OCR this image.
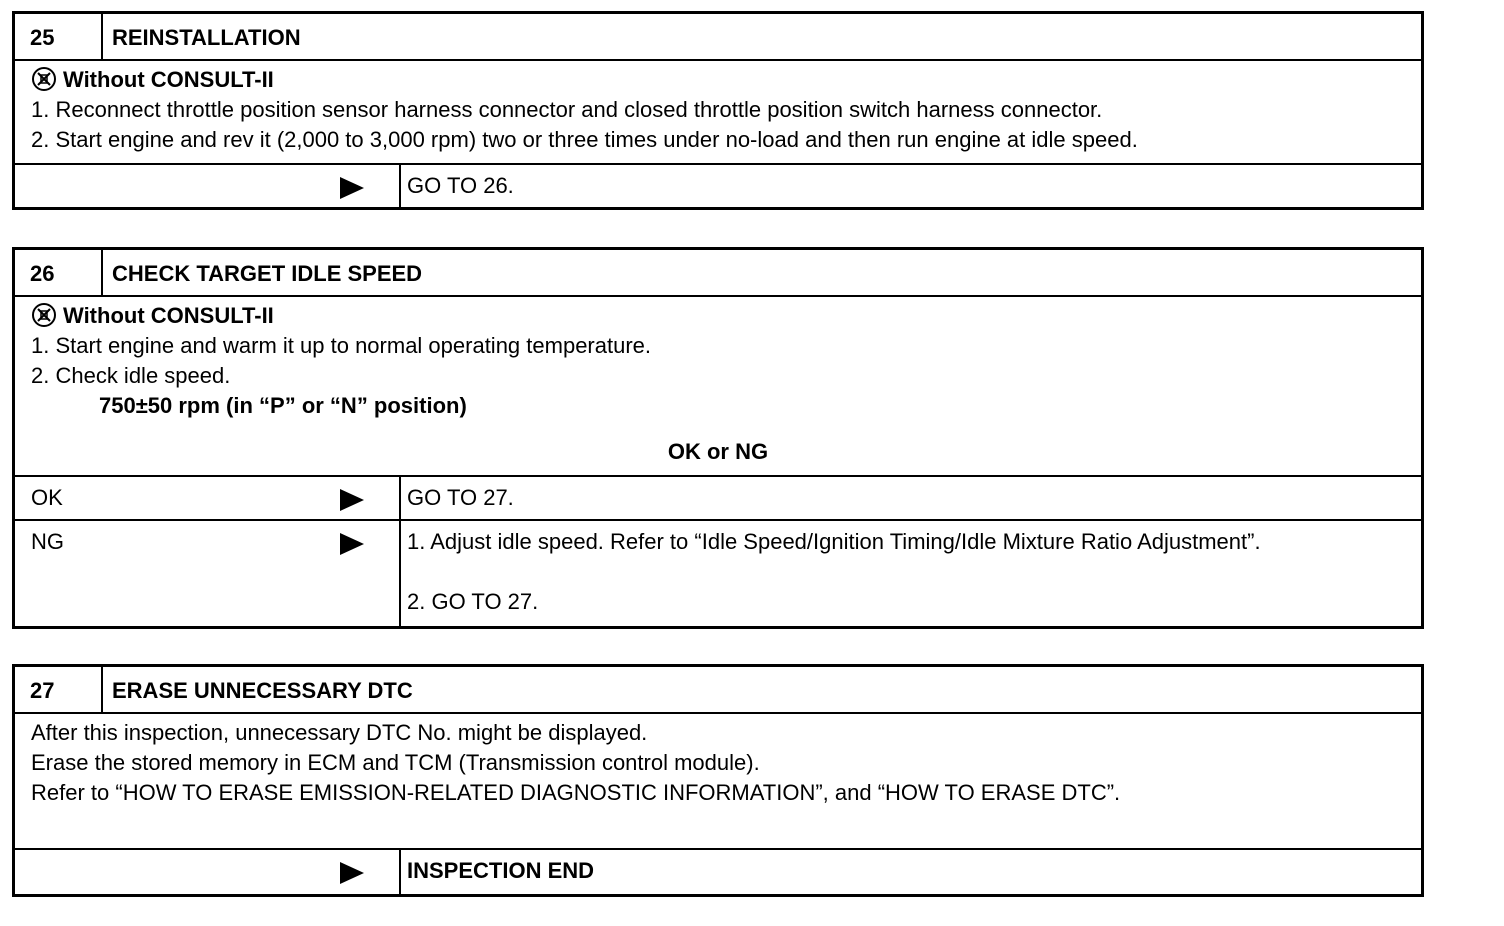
25	REINSTALLATION
Without CONSULT-II
1. Reconnect throttle position sensor harness connector and closed throttle position switch harness connector.
2. Start engine and rev it (2,000 to 3,000 rpm) two or three times under no-load and then run engine at idle speed.
GO TO 26.
26	CHECK TARGET IDLE SPEED
Without CONSULT-II
1. Start engine and warm it up to normal operating temperature.
2. Check idle speed.
750±50 rpm (in “P” or “N” position)
OK or NG
OK	GO TO 27.
NG	1. Adjust idle speed. Refer to “Idle Speed/Ignition Timing/Idle Mixture Ratio Adjustment”.
2. GO TO 27.
27	ERASE UNNECESSARY DTC
After this inspection, unnecessary DTC No. might be displayed.
Erase the stored memory in ECM and TCM (Transmission control module).
Refer to “HOW TO ERASE EMISSION-RELATED DIAGNOSTIC INFORMATION”, and “HOW TO ERASE DTC”.
INSPECTION END
